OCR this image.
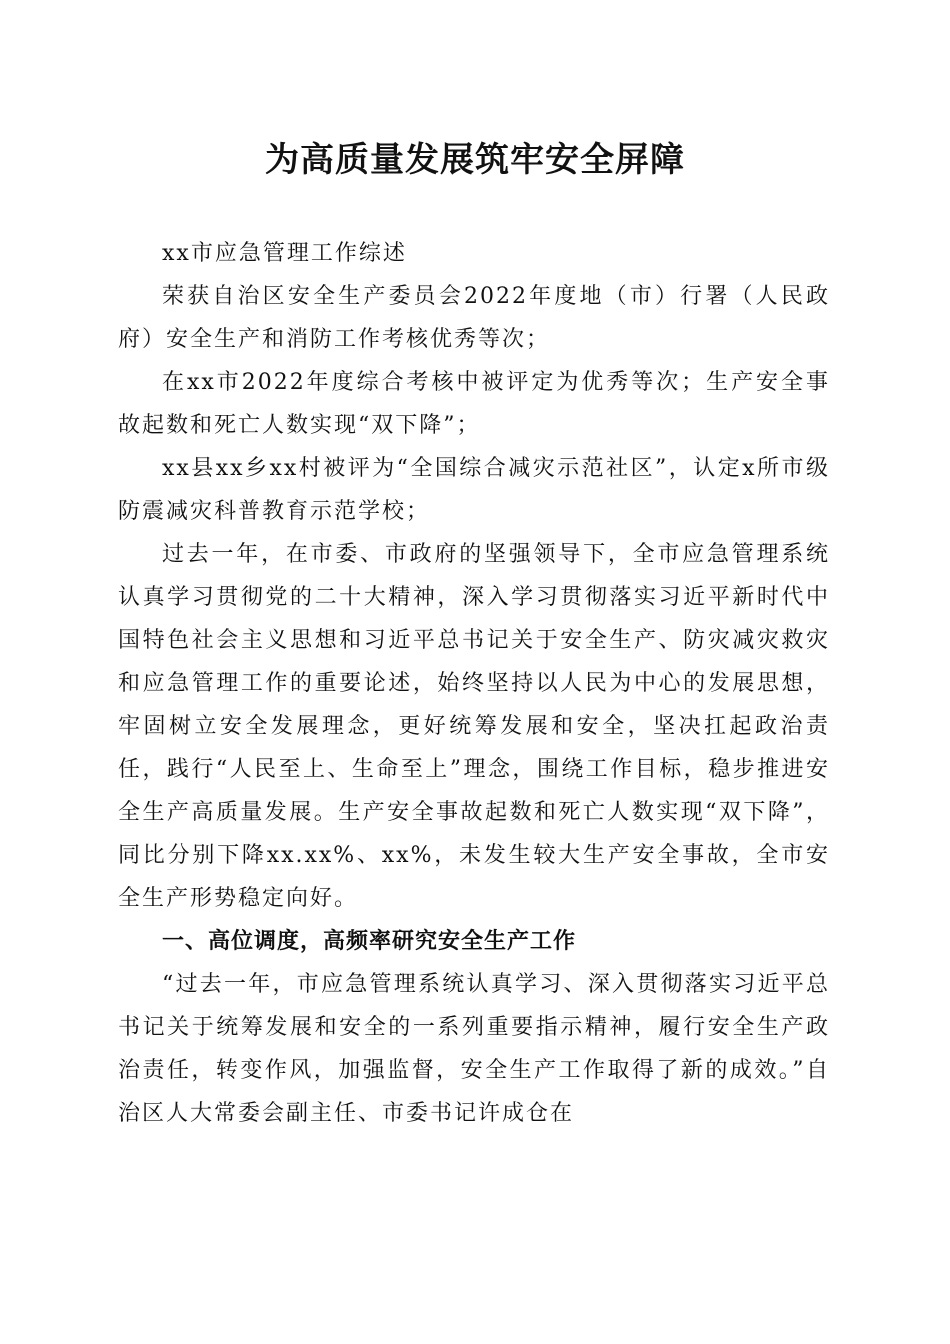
为高质量发展筑牢安全屏障

xx市应急管理工作综述

荣获自治区安全生产委员会2022年度地（市）行署（人民政府）安全生产和消防工作考核优秀等次；

在xx市2022年度综合考核中被评定为优秀等次；生产安全事故起数和死亡人数实现“双下降”；

xx县xx乡xx村被评为“全国综合减灾示范社区”，认定x所市级防震减灾科普教育示范学校；

过去一年，在市委、市政府的坚强领导下，全市应急管理系统认真学习贯彻党的二十大精神，深入学习贯彻落实习近平新时代中国特色社会主义思想和习近平总书记关于安全生产、防灾减灾救灾和应急管理工作的重要论述，始终坚持以人民为中心的发展思想，牢固树立安全发展理念，更好统筹发展和安全，坚决扛起政治责任，践行“人民至上、生命至上”理念，围绕工作目标，稳步推进安全生产高质量发展。生产安全事故起数和死亡人数实现“双下降”，同比分别下降xx.xx%、xx%，未发生较大生产安全事故，全市安全生产形势稳定向好。

一、高位调度，高频率研究安全生产工作

“过去一年，市应急管理系统认真学习、深入贯彻落实习近平总书记关于统筹发展和安全的一系列重要指示精神，履行安全生产政治责任，转变作风，加强监督，安全生产工作取得了新的成效。”自治区人大常委会副主任、市委书记许成仓在
